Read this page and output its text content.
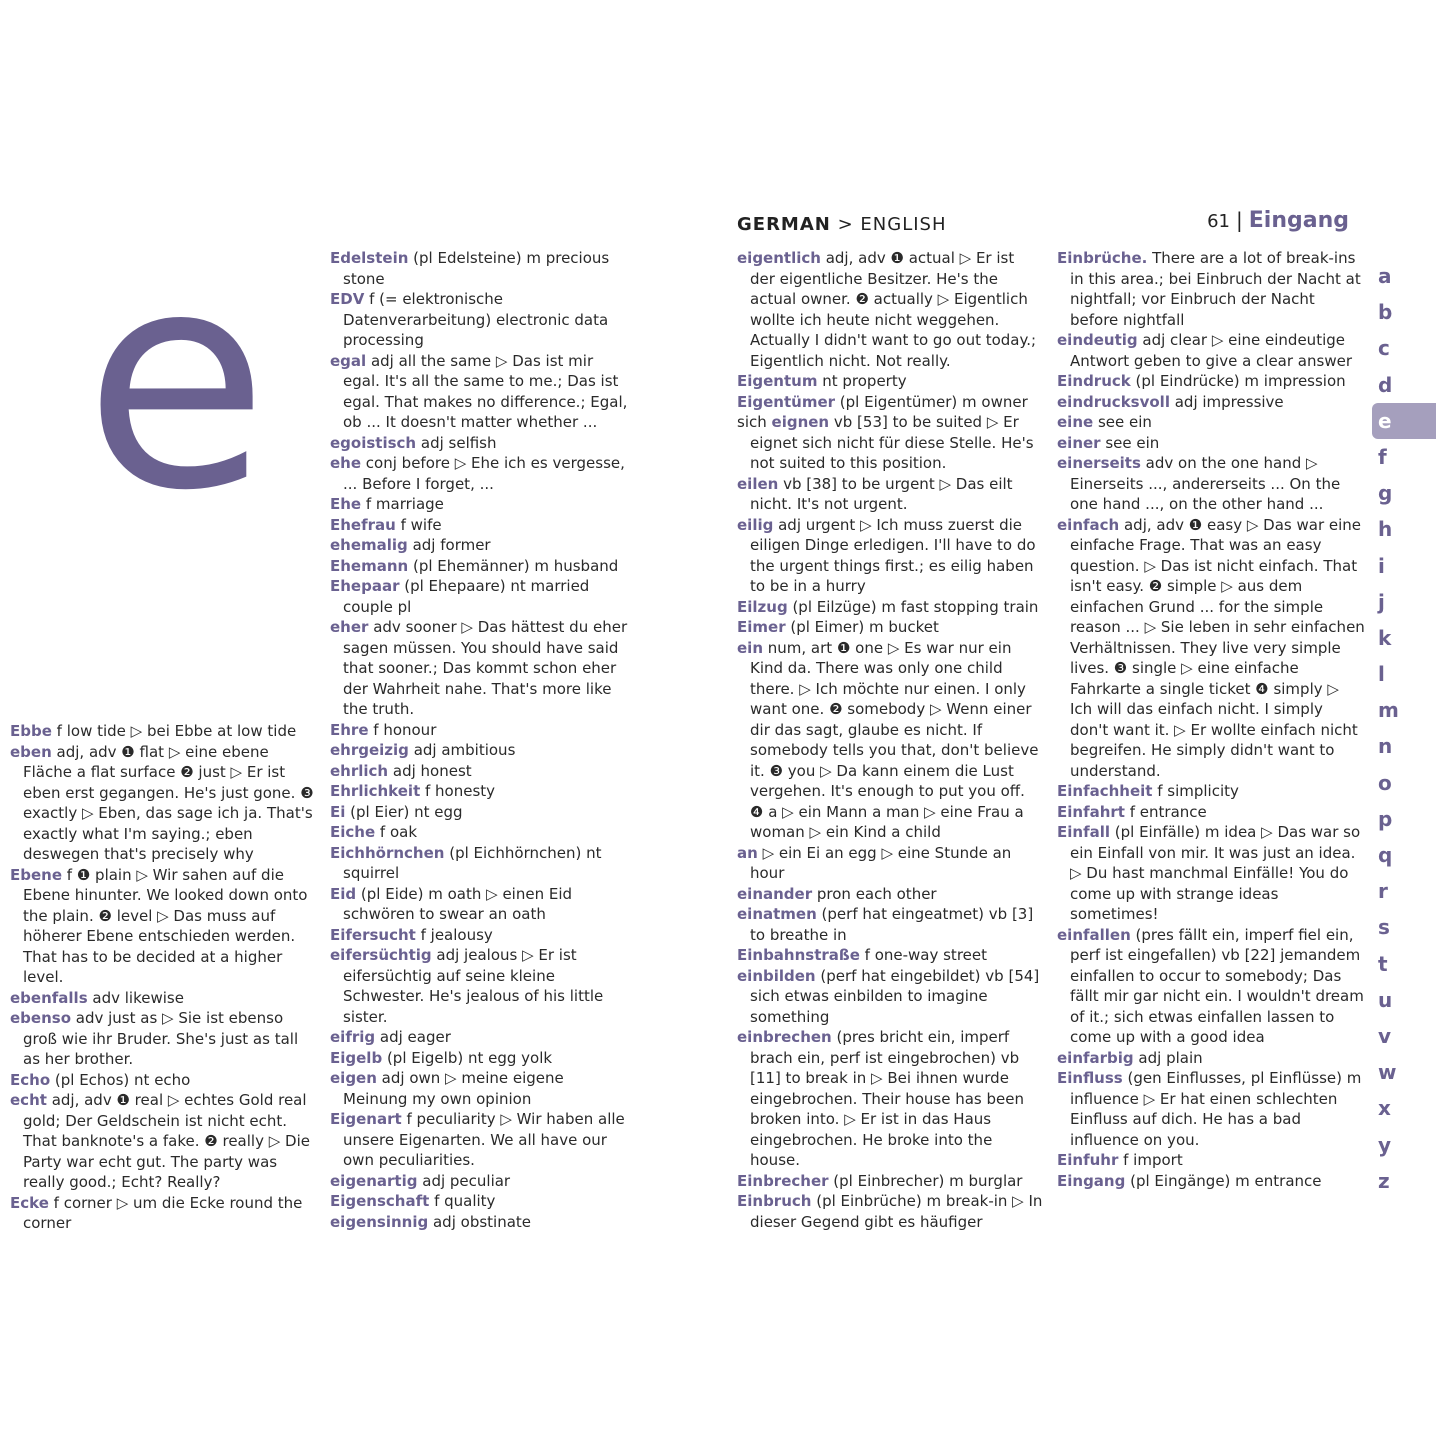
e	GERMAN > ENGLISH	61 | Eingang

Ebbe f low tide ▷ bei Ebbe at low tide

eben adj, adv ❶ flat ▷ eine ebene Fläche a flat surface ❷ just ▷ Er ist eben erst gegangen. He's just gone. ❸ exactly ▷ Eben, das sage ich ja. That's exactly what I'm saying.; eben deswegen that's precisely why

Ebene f ❶ plain ▷ Wir sahen auf die Ebene hinunter. We looked down onto the plain. ❷ level ▷ Das muss auf höherer Ebene entschieden werden. That has to be decided at a higher level.

ebenfalls adv likewise

ebenso adv just as ▷ Sie ist ebenso groß wie ihr Bruder. She's just as tall as her brother.

Echo (pl Echos) nt echo

echt adj, adv ❶ real ▷ echtes Gold real gold; Der Geldschein ist nicht echt. That banknote's a fake. ❷ really ▷ Die Party war echt gut. The party was really good.; Echt? Really?

Ecke f corner ▷ um die Ecke round the corner

Edelstein (pl Edelsteine) m precious stone

EDV f (= elektronische Datenverarbeitung) electronic data processing

egal adj all the same ▷ Das ist mir egal. It's all the same to me.; Das ist egal. That makes no difference.; Egal, ob ... It doesn't matter whether ...

egoistisch adj selfish

ehe conj before ▷ Ehe ich es vergesse, ... Before I forget, ...

Ehe f marriage

Ehefrau f wife

ehemalig adj former

Ehemann (pl Ehemänner) m husband

Ehepaar (pl Ehepaare) nt married couple pl

eher adv sooner ▷ Das hättest du eher sagen müssen. You should have said that sooner.; Das kommt schon eher der Wahrheit nahe. That's more like the truth.

Ehre f honour

ehrgeizig adj ambitious

ehrlich adj honest

Ehrlichkeit f honesty

Ei (pl Eier) nt egg

Eiche f oak

Eichhörnchen (pl Eichhörnchen) nt squirrel

Eid (pl Eide) m oath ▷ einen Eid schwören to swear an oath

Eifersucht f jealousy

eifersüchtig adj jealous ▷ Er ist eifersüchtig auf seine kleine Schwester. He's jealous of his little sister.

eifrig adj eager

Eigelb (pl Eigelb) nt egg yolk

eigen adj own ▷ meine eigene Meinung my own opinion

Eigenart f peculiarity ▷ Wir haben alle unsere Eigenarten. We all have our own peculiarities.

eigenartig adj peculiar

Eigenschaft f quality

eigensinnig adj obstinate

eigentlich adj, adv ❶ actual ▷ Er ist der eigentliche Besitzer. He's the actual owner. ❷ actually ▷ Eigentlich wollte ich heute nicht weggehen. Actually I didn't want to go out today.; Eigentlich nicht. Not really.

Eigentum nt property

Eigentümer (pl Eigentümer) m owner

sich eignen vb [53] to be suited ▷ Er eignet sich nicht für diese Stelle. He's not suited to this position.

eilen vb [38] to be urgent ▷ Das eilt nicht. It's not urgent.

eilig adj urgent ▷ Ich muss zuerst die eiligen Dinge erledigen. I'll have to do the urgent things first.; es eilig haben to be in a hurry

Eilzug (pl Eilzüge) m fast stopping train

Eimer (pl Eimer) m bucket

ein num, art ❶ one ▷ Es war nur ein Kind da. There was only one child there. ▷ Ich möchte nur einen. I only want one. ❷ somebody ▷ Wenn einer dir das sagt, glaube es nicht. If somebody tells you that, don't believe it. ❸ you ▷ Da kann einem die Lust vergehen. It's enough to put you off. ❹ a ▷ ein Mann a man ▷ eine Frau a woman ▷ ein Kind a child

an ▷ ein Ei an egg ▷ eine Stunde an hour

einander pron each other

einatmen (perf hat eingeatmet) vb [3] to breathe in

Einbahnstraße f one-way street

einbilden (perf hat eingebildet) vb [54] sich etwas einbilden to imagine something

einbrechen (pres bricht ein, imperf brach ein, perf ist eingebrochen) vb [11] to break in ▷ Bei ihnen wurde eingebrochen. Their house has been broken into. ▷ Er ist in das Haus eingebrochen. He broke into the house.

Einbrecher (pl Einbrecher) m burglar

Einbruch (pl Einbrüche) m break-in ▷ In dieser Gegend gibt es häufiger

Einbrüche. There are a lot of break-ins in this area.; bei Einbruch der Nacht at nightfall; vor Einbruch der Nacht before nightfall

eindeutig adj clear ▷ eine eindeutige Antwort geben to give a clear answer

Eindruck (pl Eindrücke) m impression

eindrucksvoll adj impressive

eine see ein

einer see ein

einerseits adv on the one hand ▷ Einerseits ..., andererseits ... On the one hand ..., on the other hand ...

einfach adj, adv ❶ easy ▷ Das war eine einfache Frage. That was an easy question. ▷ Das ist nicht einfach. That isn't easy. ❷ simple ▷ aus dem einfachen Grund ... for the simple reason ... ▷ Sie leben in sehr einfachen Verhältnissen. They live very simple lives. ❸ single ▷ eine einfache Fahrkarte a single ticket ❹ simply ▷ Ich will das einfach nicht. I simply don't want it. ▷ Er wollte einfach nicht begreifen. He simply didn't want to understand.

Einfachheit f simplicity

Einfahrt f entrance

Einfall (pl Einfälle) m idea ▷ Das war so ein Einfall von mir. It was just an idea. ▷ Du hast manchmal Einfälle! You do come up with strange ideas sometimes!

einfallen (pres fällt ein, imperf fiel ein, perf ist eingefallen) vb [22] jemandem einfallen to occur to somebody; Das fällt mir gar nicht ein. I wouldn't dream of it.; sich etwas einfallen lassen to come up with a good idea

einfarbig adj plain

Einfluss (gen Einflusses, pl Einflüsse) m influence ▷ Er hat einen schlechten Einfluss auf dich. He has a bad influence on you.

Einfuhr f import

Eingang (pl Eingänge) m entrance

a
b
c
d
e
f
g
h
i
j
k
l
m
n
o
p
q
r
s
t
u
v
w
x
y
z
